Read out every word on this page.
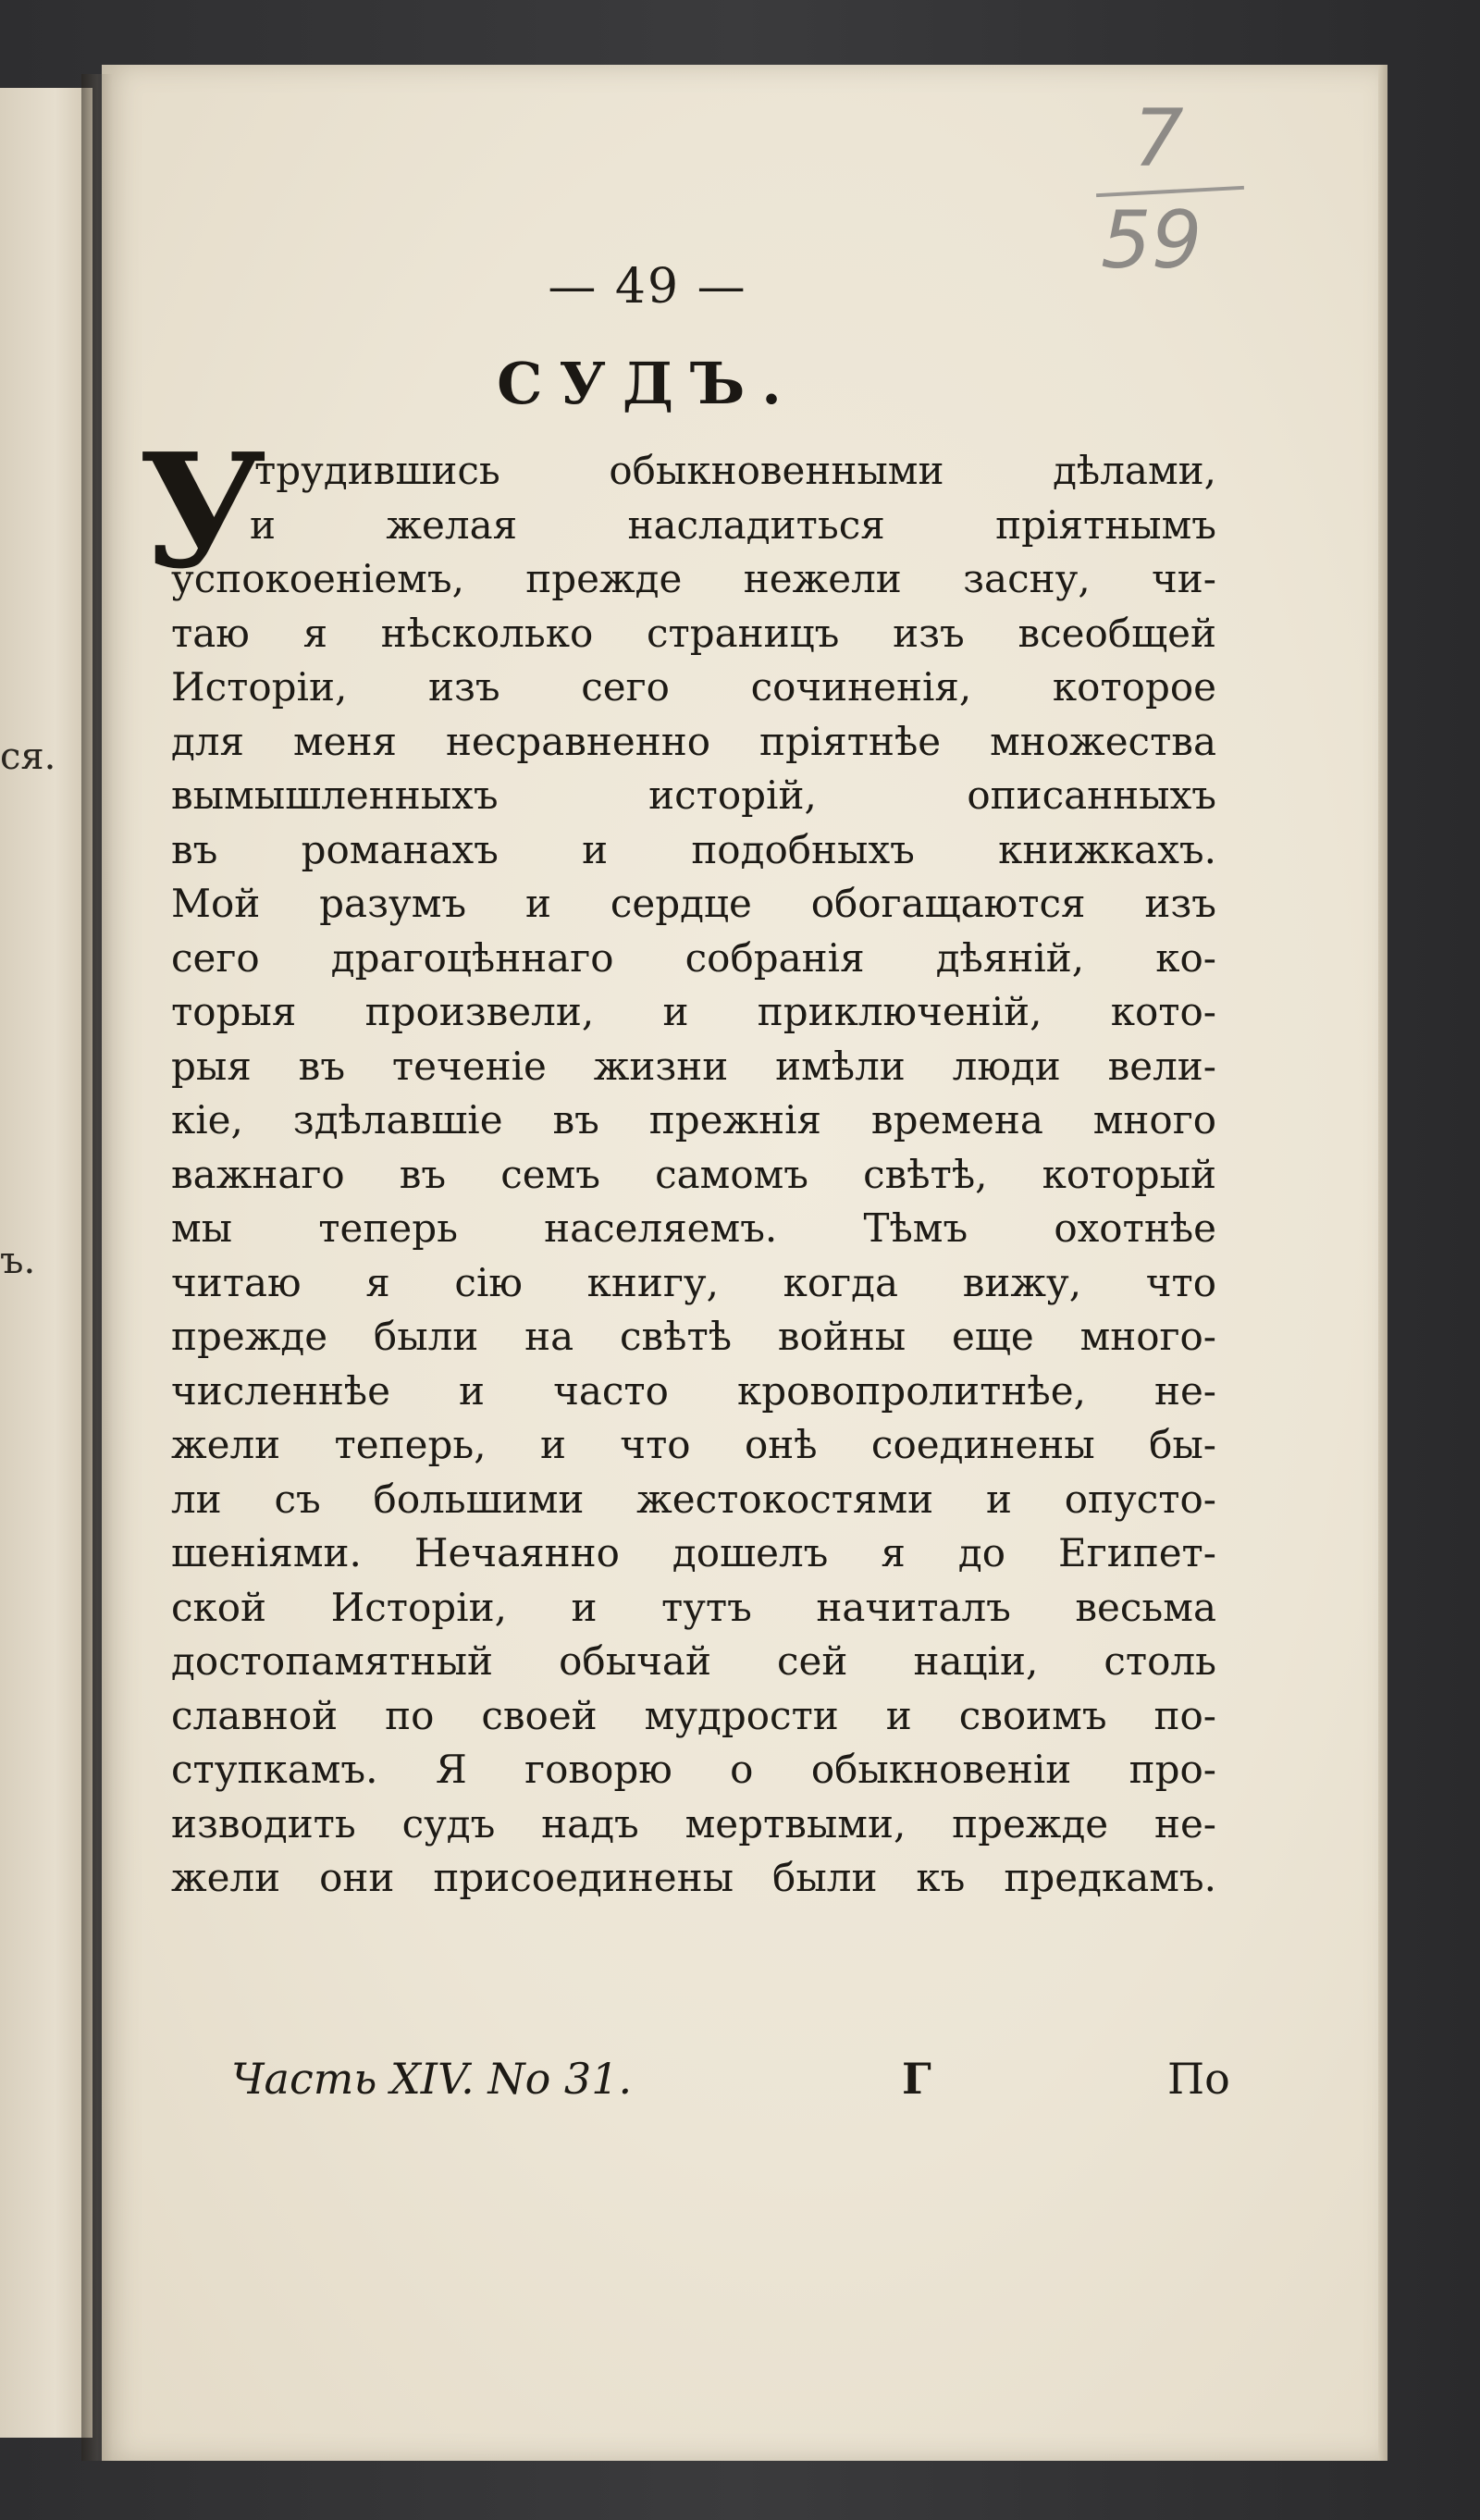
ся.
ъ.
7
59
— 49 —
СУДЪ.
У
трудившись обыкновенными дѣлами,
и желая насладиться пріятнымъ
успокоеніемъ, прежде нежели засну, чи-
таю я нѣсколько страницъ изъ всеобщей
Исторіи, изъ сего сочиненія, которое
для меня несравненно пріятнѣе множества
вымышленныхъ исторій, описанныхъ
въ романахъ и подобныхъ книжкахъ.
Мой разумъ и сердце обогащаются изъ
сего драгоцѣннаго собранія дѣяній, ко-
торыя произвели, и приключеній, кото-
рыя въ теченіе жизни имѣли люди вели-
кіе, здѣлавшіе въ прежнія времена много
важнаго въ семъ самомъ свѣтѣ, который
мы теперь населяемъ. Тѣмъ охотнѣе
читаю я сію книгу, когда вижу, что
прежде были на свѣтѣ войны еще много-
численнѣе и часто кровопролитнѣе, не-
жели теперь, и что онѣ соединены бы-
ли съ большими жестокостями и опусто-
шеніями. Нечаянно дошелъ я до Египет-
ской Исторіи, и тутъ начиталъ весьма
достопамятный обычай сей націи, столь
славной по своей мудрости и своимъ по-
ступкамъ. Я говорю о обыкновеніи про-
изводить судъ надъ мертвыми, прежде не-
жели они присоединены были къ предкамъ.
Часть XIV. No 31.	Г	По
